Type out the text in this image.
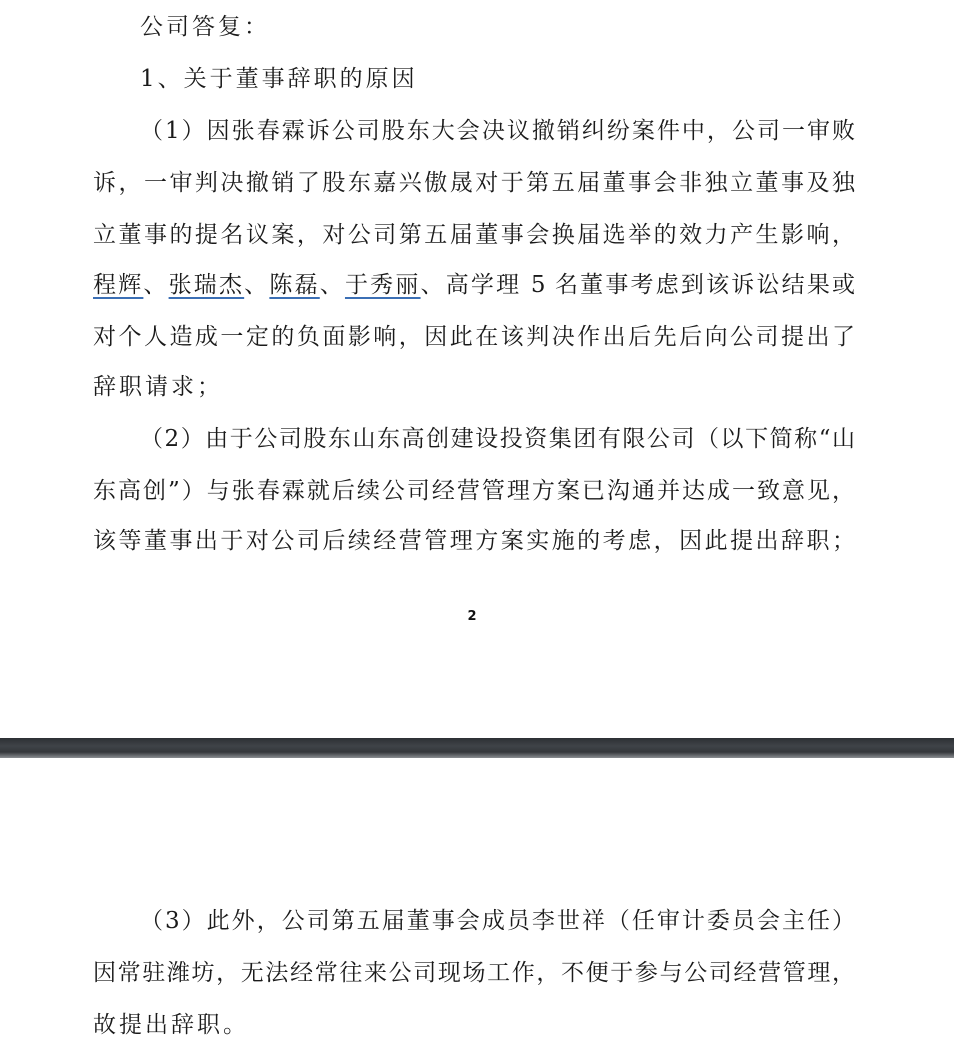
公司答复：
1、关于董事辞职的原因
（1）因张春霖诉公司股东大会决议撤销纠纷案件中，公司一审败
诉，一审判决撤销了股东嘉兴傲晟对于第五届董事会非独立董事及独
立董事的提名议案，对公司第五届董事会换届选举的效力产生影响，
程辉、张瑞杰、陈磊、于秀丽、高学理 5 名董事考虑到该诉讼结果或
对个人造成一定的负面影响，因此在该判决作出后先后向公司提出了
辞职请求；
（2）由于公司股东山东高创建设投资集团有限公司（以下简称“山
东高创”）与张春霖就后续公司经营管理方案已沟通并达成一致意见，
该等董事出于对公司后续经营管理方案实施的考虑，因此提出辞职；
2
（3）此外，公司第五届董事会成员李世祥（任审计委员会主任）
因常驻潍坊，无法经常往来公司现场工作，不便于参与公司经营管理，
故提出辞职。
